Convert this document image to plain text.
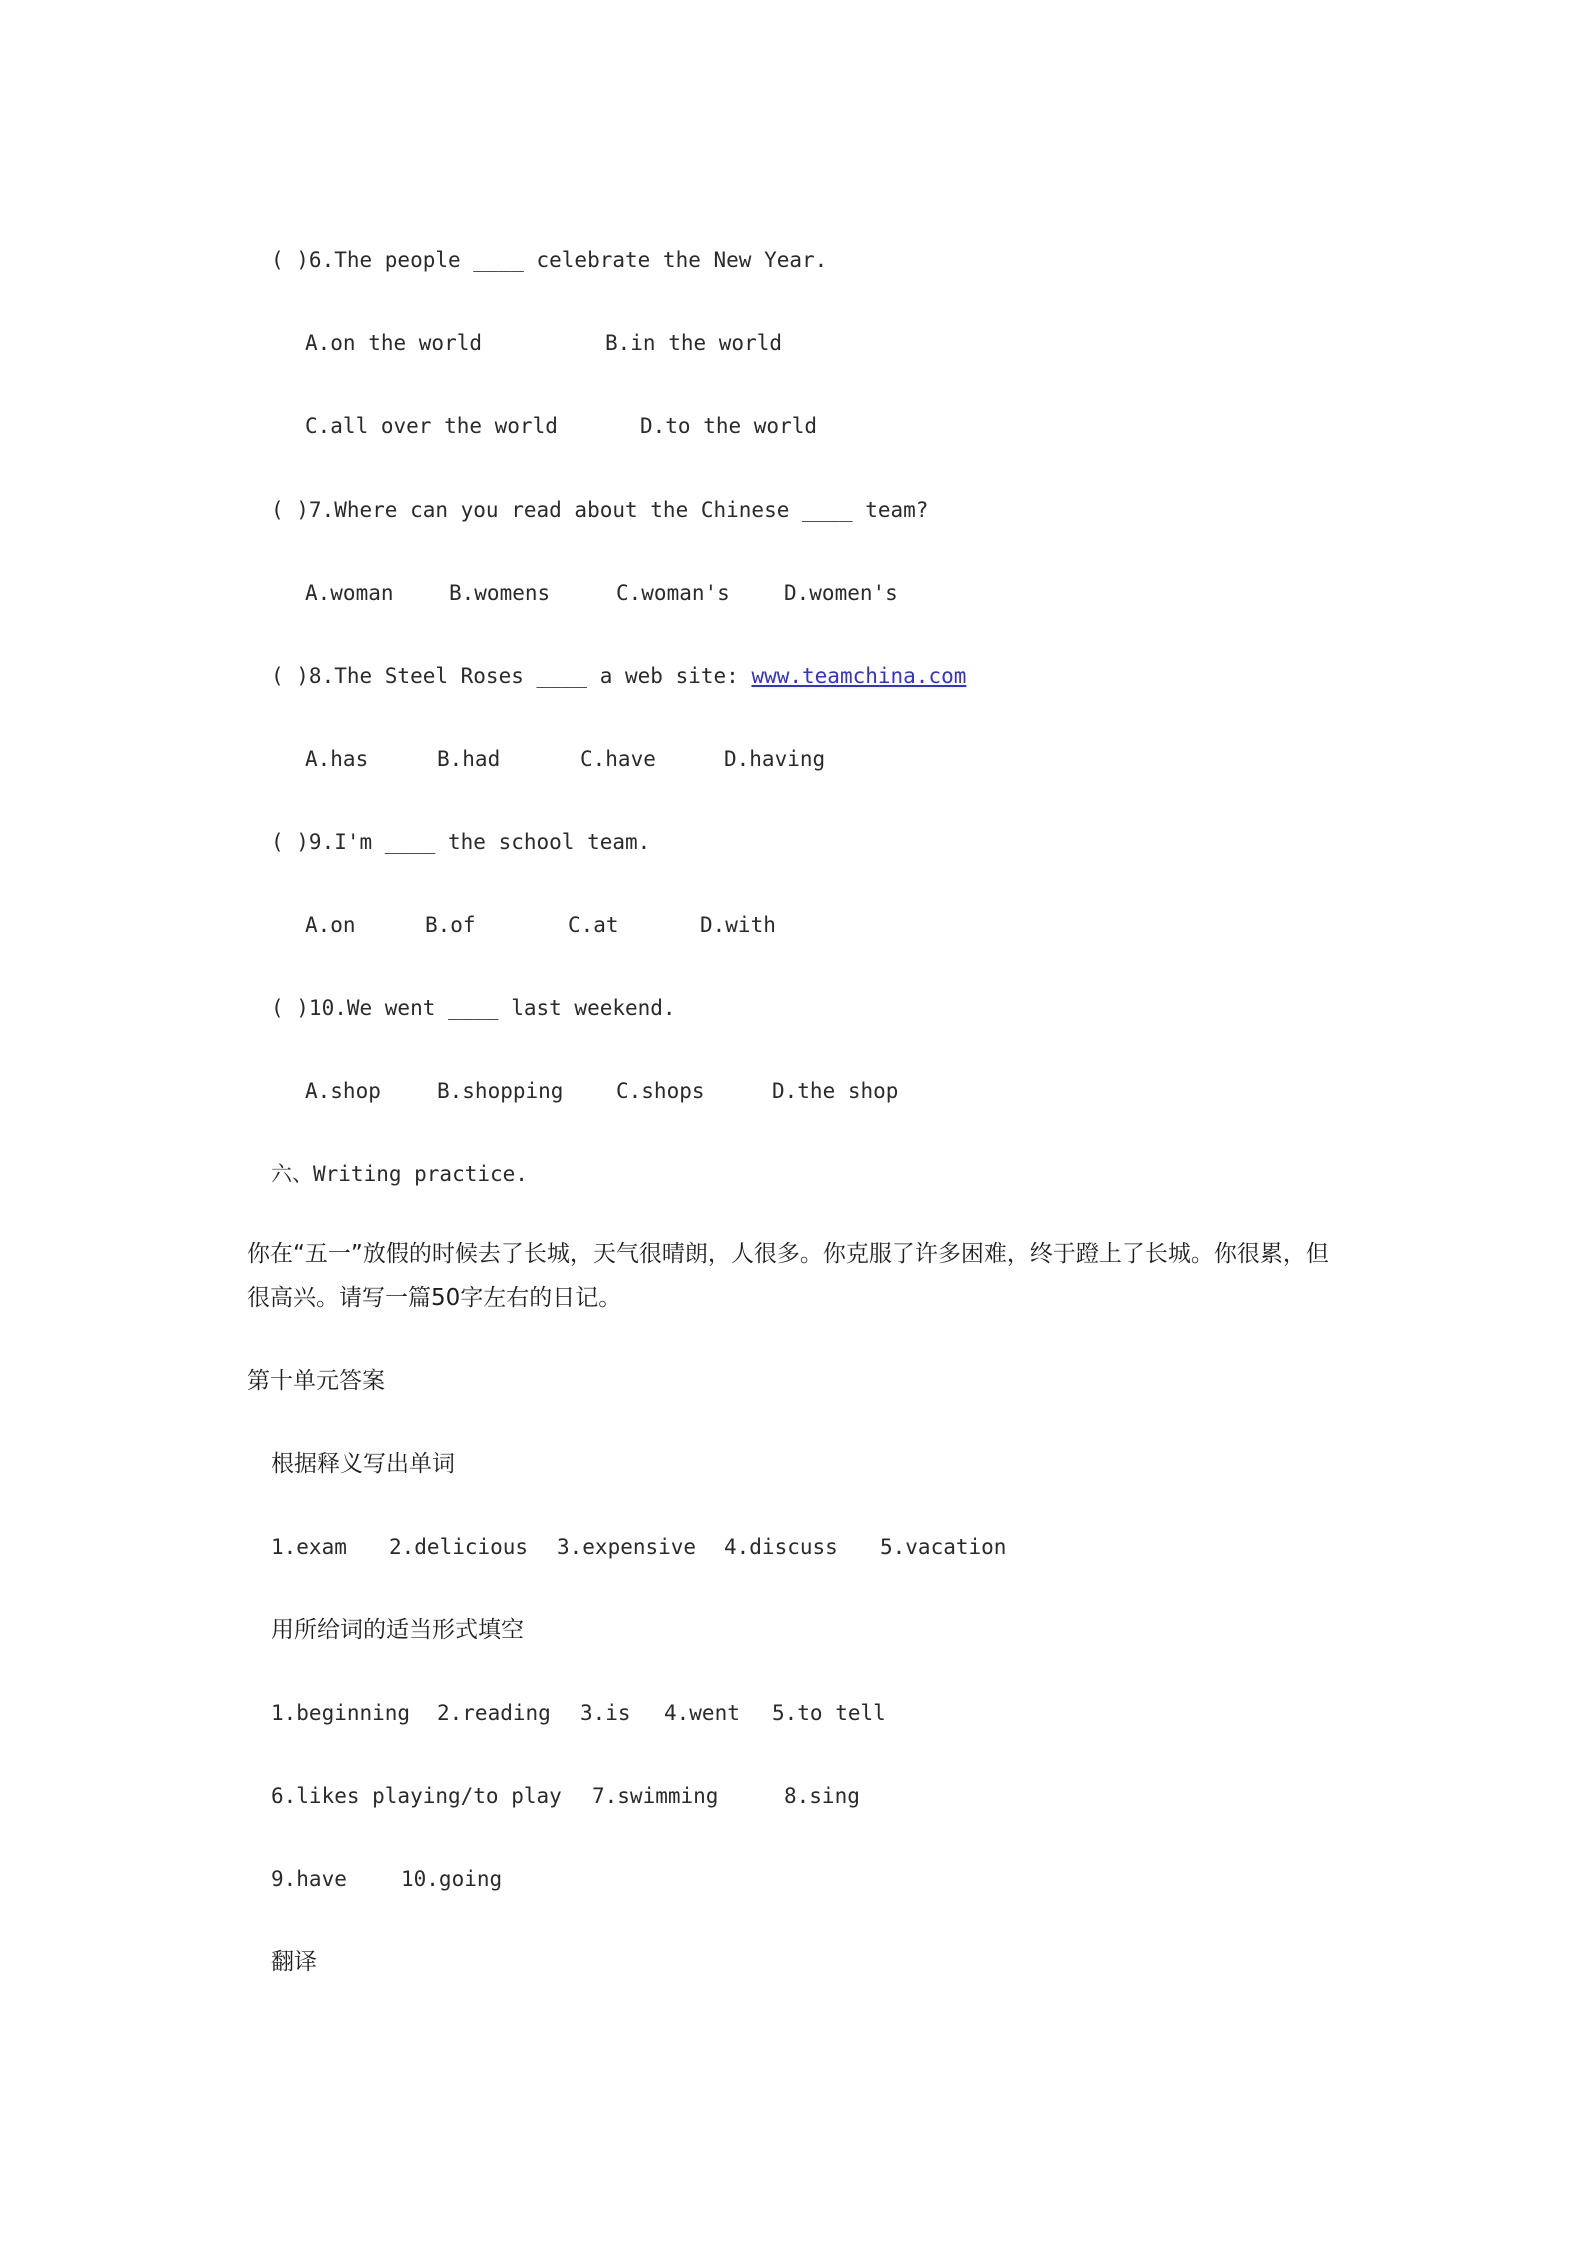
( )6.The people ____ celebrate the New Year.
A.on the world	B.in the world
C.all over the world	D.to the world
( )7.Where can you read about the Chinese ____ team?
A.woman	B.womens	C.woman's	D.women's
( )8.The Steel Roses ____ a web site: www.teamchina.com
A.has	B.had	C.have	D.having
( )9.I'm ____ the school team.
A.on	B.of	C.at	D.with
( )10.We went ____ last weekend.
A.shop	B.shopping	C.shops	D.the shop
六、Writing practice.
你在“五一”放假的时候去了长城，天气很晴朗，人很多。你克服了许多困难，终于蹬上了长城。你很累，但很高兴。请写一篇50字左右的日记。
第十单元答案
根据释义写出单词
1.exam 2.delicious 3.expensive 4.discuss 5.vacation
用所给词的适当形式填空
1.beginning 2.reading 3.is 4.went 5.to tell
6.likes playing/to play 7.swimming	8.sing
9.have	10.going
翻译
